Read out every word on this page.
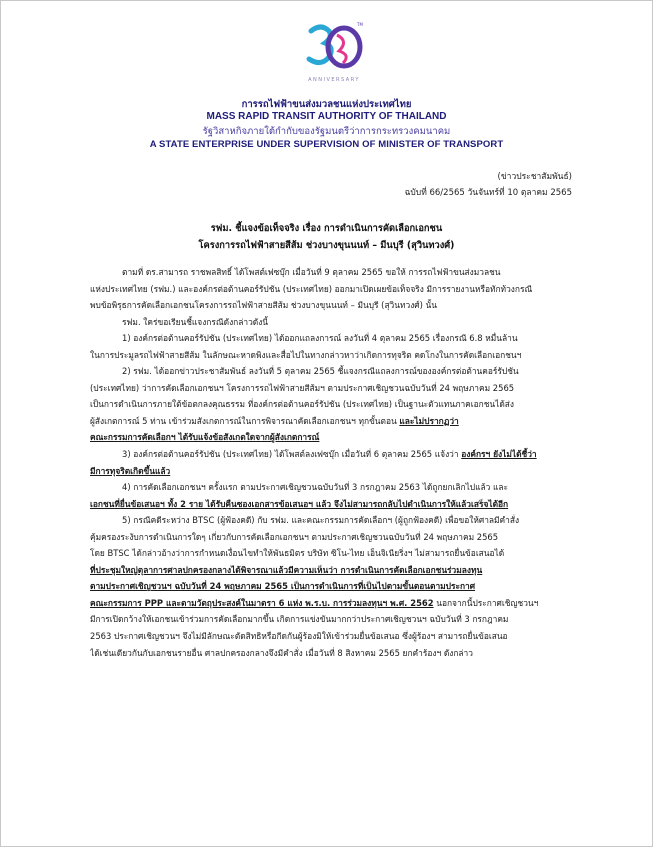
TM
ANNIVERSARY
การรถไฟฟ้าขนส่งมวลชนแห่งประเทศไทย
MASS RAPID TRANSIT AUTHORITY OF THAILAND
รัฐวิสาหกิจภายใต้กำกับของรัฐมนตรีว่าการกระทรวงคมนาคม
A STATE ENTERPRISE UNDER SUPERVISION OF MINISTER OF TRANSPORT
(ข่าวประชาสัมพันธ์)
ฉบับที่ 66/2565 วันจันทร์ที่ 10 ตุลาคม 2565
รฟม. ชี้แจงข้อเท็จจริง เรื่อง การดำเนินการคัดเลือกเอกชน
โครงการรถไฟฟ้าสายสีส้ม ช่วงบางขุนนนท์ – มีนบุรี (สุวินทวงศ์)
ตามที่ ดร.สามารถ ราชพลสิทธิ์ ได้โพสต์เฟซบุ๊ก เมื่อวันที่ 9 ตุลาคม 2565 ขอให้ การรถไฟฟ้าขนส่งมวลชน
แห่งประเทศไทย (รฟม.) และองค์กรต่อต้านคอร์รัปชัน (ประเทศไทย) ออกมาเปิดเผยข้อเท็จจริง มีการรายงานหรือทักท้วงกรณี
พบข้อพิรุธการคัดเลือกเอกชนโครงการรถไฟฟ้าสายสีส้ม ช่วงบางขุนนนท์ – มีนบุรี (สุวินทวงศ์) นั้น
รฟม. ใคร่ขอเรียนชี้แจงกรณีดังกล่าวดังนี้
1) องค์กรต่อต้านคอร์รัปชัน (ประเทศไทย) ได้ออกแถลงการณ์ ลงวันที่ 4 ตุลาคม 2565 เรื่องกรณี 6.8 หมื่นล้าน
ในการประมูลรถไฟฟ้าสายสีส้ม ในลักษณะหาดพิงและสื่อไปในทางกล่าวหาว่าเกิดการทุจริต คดโกงในการคัดเลือกเอกชนฯ
2) รฟม. ได้ออกข่าวประชาสัมพันธ์ ลงวันที่ 5 ตุลาคม 2565 ชี้แจงกรณีแถลงการณ์ขององค์กรต่อต้านคอร์รัปชัน
(ประเทศไทย) ว่าการคัดเลือกเอกชนฯ โครงการรถไฟฟ้าสายสีส้มฯ ตามประกาศเชิญชวนฉบับวันที่ 24 พฤษภาคม 2565
เป็นการดำเนินการภายใต้ข้อตกลงคุณธรรม ที่องค์กรต่อต้านคอร์รัปชัน (ประเทศไทย) เป็นฐานะตัวแทนภาคเอกชนได้ส่ง
ผู้สังเกตการณ์ 5 ท่าน เข้าร่วมสังเกตการณ์ในการพิจารณาคัดเลือกเอกชนฯ ทุกขั้นตอน และไม่ปรากฏว่า
คณะกรรมการคัดเลือกฯ ได้รับแจ้งข้อสังเกตใดจากผู้สังเกตการณ์
3) องค์กรต่อต้านคอร์รัปชัน (ประเทศไทย) ได้โพสต์ลงเฟซบุ๊ก เมื่อวันที่ 6 ตุลาคม 2565 แจ้งว่า องค์กรฯ ยังไม่ได้ชี้ว่า
มีการทุจริตเกิดขึ้นแล้ว
4) การคัดเลือกเอกชนฯ ครั้งแรก ตามประกาศเชิญชวนฉบับวันที่ 3 กรกฎาคม 2563 ได้ถูกยกเลิกไปแล้ว และ
เอกชนที่ยื่นข้อเสนอฯ ทั้ง 2 ราย ได้รับคืนซองเอกสารข้อเสนอฯ แล้ว จึงไม่สามารถกลับไปดำเนินการให้แล้วเสร็จได้อีก
5) กรณีคดีระหว่าง BTSC (ผู้ฟ้องคดี) กับ รฟม. และคณะกรรมการคัดเลือกฯ (ผู้ถูกฟ้องคดี) เพื่อขอให้ศาลมีคำสั่ง
คุ้มครองระงับการดำเนินการใดๆ เกี่ยวกับการคัดเลือกเอกชนฯ ตามประกาศเชิญชวนฉบับวันที่ 24 พฤษภาคม 2565
โดย BTSC ได้กล่าวอ้างว่าการกำหนดเงื่อนไขทำให้พันธมิตร บริษัท ซิโน-ไทย เอ็นจิเนียริ่งฯ ไม่สามารถยื่นข้อเสนอได้
ที่ประชุมใหญ่ตุลาการศาลปกครองกลางได้พิจารณาแล้วมีความเห็นว่า การดำเนินการคัดเลือกเอกชนร่วมลงทุน
ตามประกาศเชิญชวนฯ ฉบับวันที่ 24 พฤษภาคม 2565 เป็นการดำเนินการที่เป็นไปตามขั้นตอนตามประกาศ
คณะกรรมการ PPP และตามวัตถุประสงค์ในมาตรา 6 แห่ง พ.ร.บ. การร่วมลงทุนฯ พ.ศ. 2562 นอกจากนี้ประกาศเชิญชวนฯ
มีการเปิดกว้างให้เอกชนเข้าร่วมการคัดเลือกมากขึ้น เกิดการแข่งขันมากกว่าประกาศเชิญชวนฯ ฉบับวันที่ 3 กรกฎาคม
2563 ประกาศเชิญชวนฯ จึงไม่มีลักษณะตัดสิทธิหรือกีดกันผู้ร้องมิให้เข้าร่วมยื่นข้อเสนอ ซึ่งผู้ร้องฯ สามารถยื่นข้อเสนอ
ได้เช่นเดียวกันกับเอกชนรายอื่น ศาลปกครองกลางจึงมีคำสั่ง เมื่อวันที่ 8 สิงหาคม 2565 ยกคำร้องฯ ดังกล่าว
